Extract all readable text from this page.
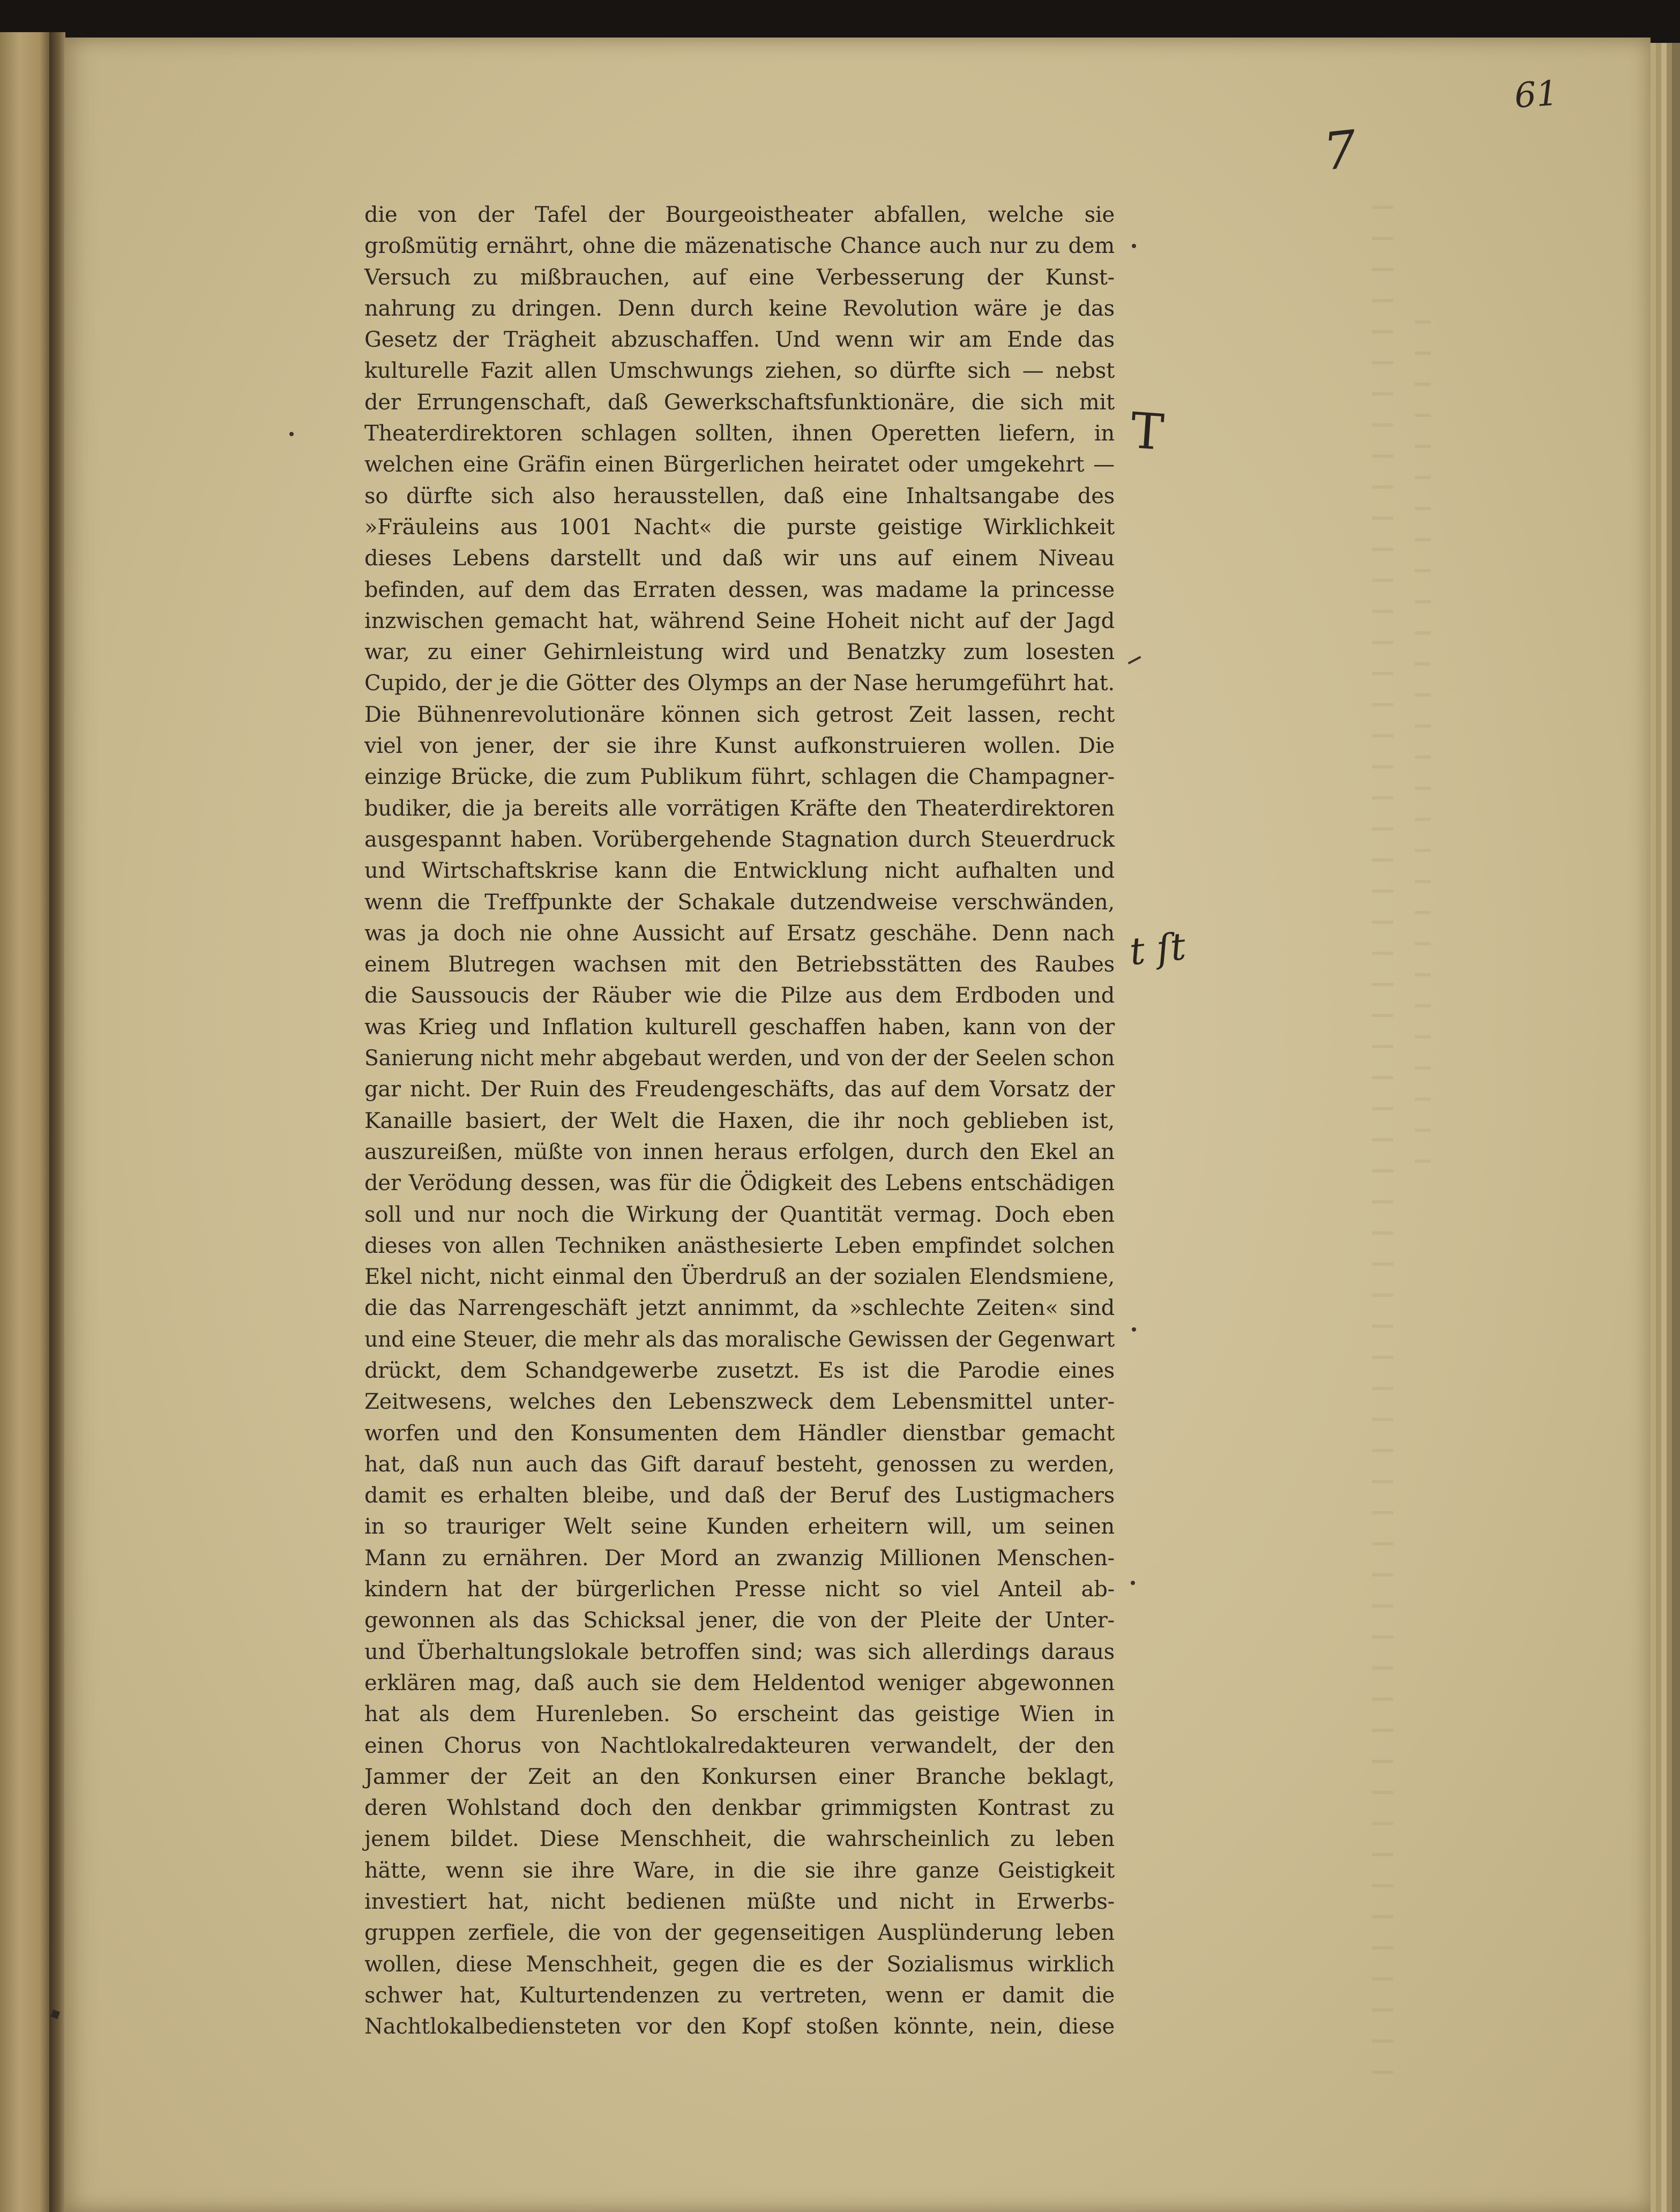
61
7
die von der Tafel der Bourgeoistheater abfallen, welche sie
großmütig ernährt, ohne die mäzenatische Chance auch nur zu dem
Versuch zu mißbrauchen, auf eine Verbesserung der Kunst-
nahrung zu dringen. Denn durch keine Revolution wäre je das
Gesetz der Trägheit abzuschaffen. Und wenn wir am Ende das
kulturelle Fazit allen Umschwungs ziehen, so dürfte sich — nebst
der Errungenschaft, daß Gewerkschaftsfunktionäre, die sich mit
Theaterdirektoren schlagen sollten, ihnen Operetten liefern, in
welchen eine Gräfin einen Bürgerlichen heiratet oder umgekehrt —
so dürfte sich also herausstellen, daß eine Inhaltsangabe des
»Fräuleins aus 1001 Nacht« die purste geistige Wirklichkeit
dieses Lebens darstellt und daß wir uns auf einem Niveau
befinden, auf dem das Erraten dessen, was madame la princesse
inzwischen gemacht hat, während Seine Hoheit nicht auf der Jagd
war, zu einer Gehirnleistung wird und Benatzky zum losesten
Cupido, der je die Götter des Olymps an der Nase herumgeführt hat.
Die Bühnenrevolutionäre können sich getrost Zeit lassen, recht
viel von jener, der sie ihre Kunst aufkonstruieren wollen. Die
einzige Brücke, die zum Publikum führt, schlagen die Champagner-
budiker, die ja bereits alle vorrätigen Kräfte den Theaterdirektoren
ausgespannt haben. Vorübergehende Stagnation durch Steuerdruck
und Wirtschaftskrise kann die Entwicklung nicht aufhalten und
wenn die Treffpunkte der Schakale dutzendweise verschwänden,
was ja doch nie ohne Aussicht auf Ersatz geschähe. Denn nach
einem Blutregen wachsen mit den Betriebsstätten des Raubes
die Saussoucis der Räuber wie die Pilze aus dem Erdboden und
was Krieg und Inflation kulturell geschaffen haben, kann von der
Sanierung nicht mehr abgebaut werden, und von der der Seelen schon
gar nicht. Der Ruin des Freudengeschäfts, das auf dem Vorsatz der
Kanaille basiert, der Welt die Haxen, die ihr noch geblieben ist,
auszureißen, müßte von innen heraus erfolgen, durch den Ekel an
der Verödung dessen, was für die Ödigkeit des Lebens entschädigen
soll und nur noch die Wirkung der Quantität vermag. Doch eben
dieses von allen Techniken anästhesierte Leben empfindet solchen
Ekel nicht, nicht einmal den Überdruß an der sozialen Elendsmiene,
die das Narrengeschäft jetzt annimmt, da »schlechte Zeiten« sind
und eine Steuer, die mehr als das moralische Gewissen der Gegenwart
drückt, dem Schandgewerbe zusetzt. Es ist die Parodie eines
Zeitwesens, welches den Lebenszweck dem Lebensmittel unter-
worfen und den Konsumenten dem Händler dienstbar gemacht
hat, daß nun auch das Gift darauf besteht, genossen zu werden,
damit es erhalten bleibe, und daß der Beruf des Lustigmachers
in so trauriger Welt seine Kunden erheitern will, um seinen
Mann zu ernähren. Der Mord an zwanzig Millionen Menschen-
kindern hat der bürgerlichen Presse nicht so viel Anteil ab-
gewonnen als das Schicksal jener, die von der Pleite der Unter-
und Überhaltungslokale betroffen sind; was sich allerdings daraus
erklären mag, daß auch sie dem Heldentod weniger abgewonnen
hat als dem Hurenleben. So erscheint das geistige Wien in
einen Chorus von Nachtlokalredakteuren verwandelt, der den
Jammer der Zeit an den Konkursen einer Branche beklagt,
deren Wohlstand doch den denkbar grimmigsten Kontrast zu
jenem bildet. Diese Menschheit, die wahrscheinlich zu leben
hätte, wenn sie ihre Ware, in die sie ihre ganze Geistigkeit
investiert hat, nicht bedienen müßte und nicht in Erwerbs-
gruppen zerfiele, die von der gegenseitigen Ausplünderung leben
wollen, diese Menschheit, gegen die es der Sozialismus wirklich
schwer hat, Kulturtendenzen zu vertreten, wenn er damit die
Nachtlokalbediensteten vor den Kopf stoßen könnte, nein, diese
T
t ſt
